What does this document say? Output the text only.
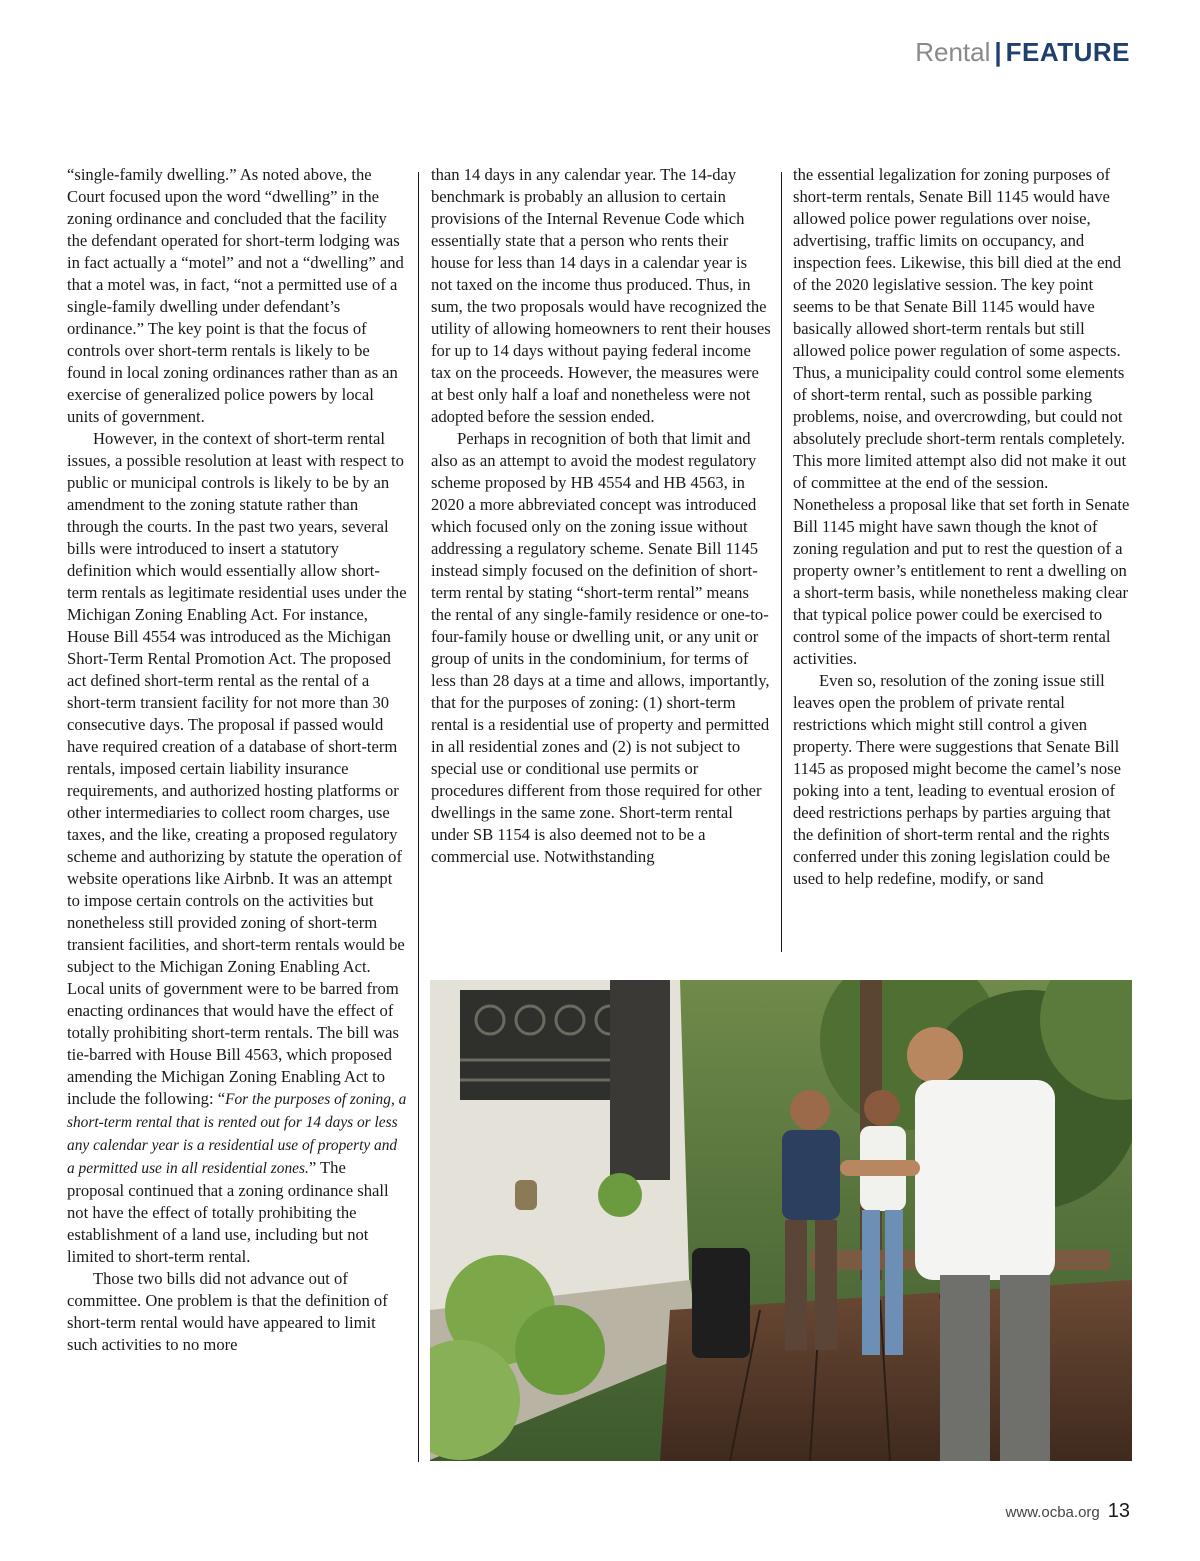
Rental | FEATURE

“single-family dwelling.” As noted above, the Court focused upon the word “dwelling” in the zoning ordinance and concluded that the facility the defendant operated for short-term lodging was in fact actually a “motel” and not a “dwelling” and that a motel was, in fact, “not a permitted use of a single-family dwelling under defendant’s ordinance.” The key point is that the focus of controls over short-term rentals is likely to be found in local zoning ordinances rather than as an exercise of generalized police powers by local units of government.

However, in the context of short-term rental issues, a possible resolution at least with respect to public or municipal controls is likely to be by an amendment to the zoning statute rather than through the courts. In the past two years, several bills were introduced to insert a statutory definition which would essentially allow short-term rentals as legitimate residential uses under the Michigan Zoning Enabling Act. For instance, House Bill 4554 was introduced as the Michigan Short-Term Rental Promotion Act. The proposed act defined short-term rental as the rental of a short-term transient facility for not more than 30 consecutive days. The proposal if passed would have required creation of a database of short-term rentals, imposed certain liability insurance requirements, and authorized hosting platforms or other intermediaries to collect room charges, use taxes, and the like, creating a proposed regulatory scheme and authorizing by statute the operation of website operations like Airbnb. It was an attempt to impose certain controls on the activities but nonetheless still provided zoning of short-term transient facilities, and short-term rentals would be subject to the Michigan Zoning Enabling Act. Local units of government were to be barred from enacting ordinances that would have the effect of totally prohibiting short-term rentals. The bill was tie-barred with House Bill 4563, which proposed amending the Michigan Zoning Enabling Act to include the following: “For the purposes of zoning, a short-term rental that is rented out for 14 days or less any calendar year is a residential use of property and a permitted use in all residential zones.” The proposal continued that a zoning ordinance shall not have the effect of totally prohibiting the establishment of a land use, including but not limited to short-term rental.

Those two bills did not advance out of committee. One problem is that the definition of short-term rental would have appeared to limit such activities to no more

than 14 days in any calendar year. The 14-day benchmark is probably an allusion to certain provisions of the Internal Revenue Code which essentially state that a person who rents their house for less than 14 days in a calendar year is not taxed on the income thus produced. Thus, in sum, the two proposals would have recognized the utility of allowing homeowners to rent their houses for up to 14 days without paying federal income tax on the proceeds. However, the measures were at best only half a loaf and nonetheless were not adopted before the session ended.

Perhaps in recognition of both that limit and also as an attempt to avoid the modest regulatory scheme proposed by HB 4554 and HB 4563, in 2020 a more abbreviated concept was introduced which focused only on the zoning issue without addressing a regulatory scheme. Senate Bill 1145 instead simply focused on the definition of short-term rental by stating “short-term rental” means the rental of any single-family residence or one-to-four-family house or dwelling unit, or any unit or group of units in the condominium, for terms of less than 28 days at a time and allows, importantly, that for the purposes of zoning: (1) short-term rental is a residential use of property and permitted in all residential zones and (2) is not subject to special use or conditional use permits or procedures different from those required for other dwellings in the same zone. Short-term rental under SB 1154 is also deemed not to be a commercial use. Notwithstanding

the essential legalization for zoning purposes of short-term rentals, Senate Bill 1145 would have allowed police power regulations over noise, advertising, traffic limits on occupancy, and inspection fees. Likewise, this bill died at the end of the 2020 legislative session. The key point seems to be that Senate Bill 1145 would have basically allowed short-term rentals but still allowed police power regulation of some aspects. Thus, a municipality could control some elements of short-term rental, such as possible parking problems, noise, and overcrowding, but could not absolutely preclude short-term rentals completely. This more limited attempt also did not make it out of committee at the end of the session. Nonetheless a proposal like that set forth in Senate Bill 1145 might have sawn though the knot of zoning regulation and put to rest the question of a property owner’s entitlement to rent a dwelling on a short-term basis, while nonetheless making clear that typical police power could be exercised to control some of the impacts of short-term rental activities.

Even so, resolution of the zoning issue still leaves open the problem of private rental restrictions which might still control a given property. There were suggestions that Senate Bill 1145 as proposed might become the camel’s nose poking into a tent, leading to eventual erosion of deed restrictions perhaps by parties arguing that the definition of short-term rental and the rights conferred under this zoning legislation could be used to help redefine, modify, or sand

www.ocba.org 13
